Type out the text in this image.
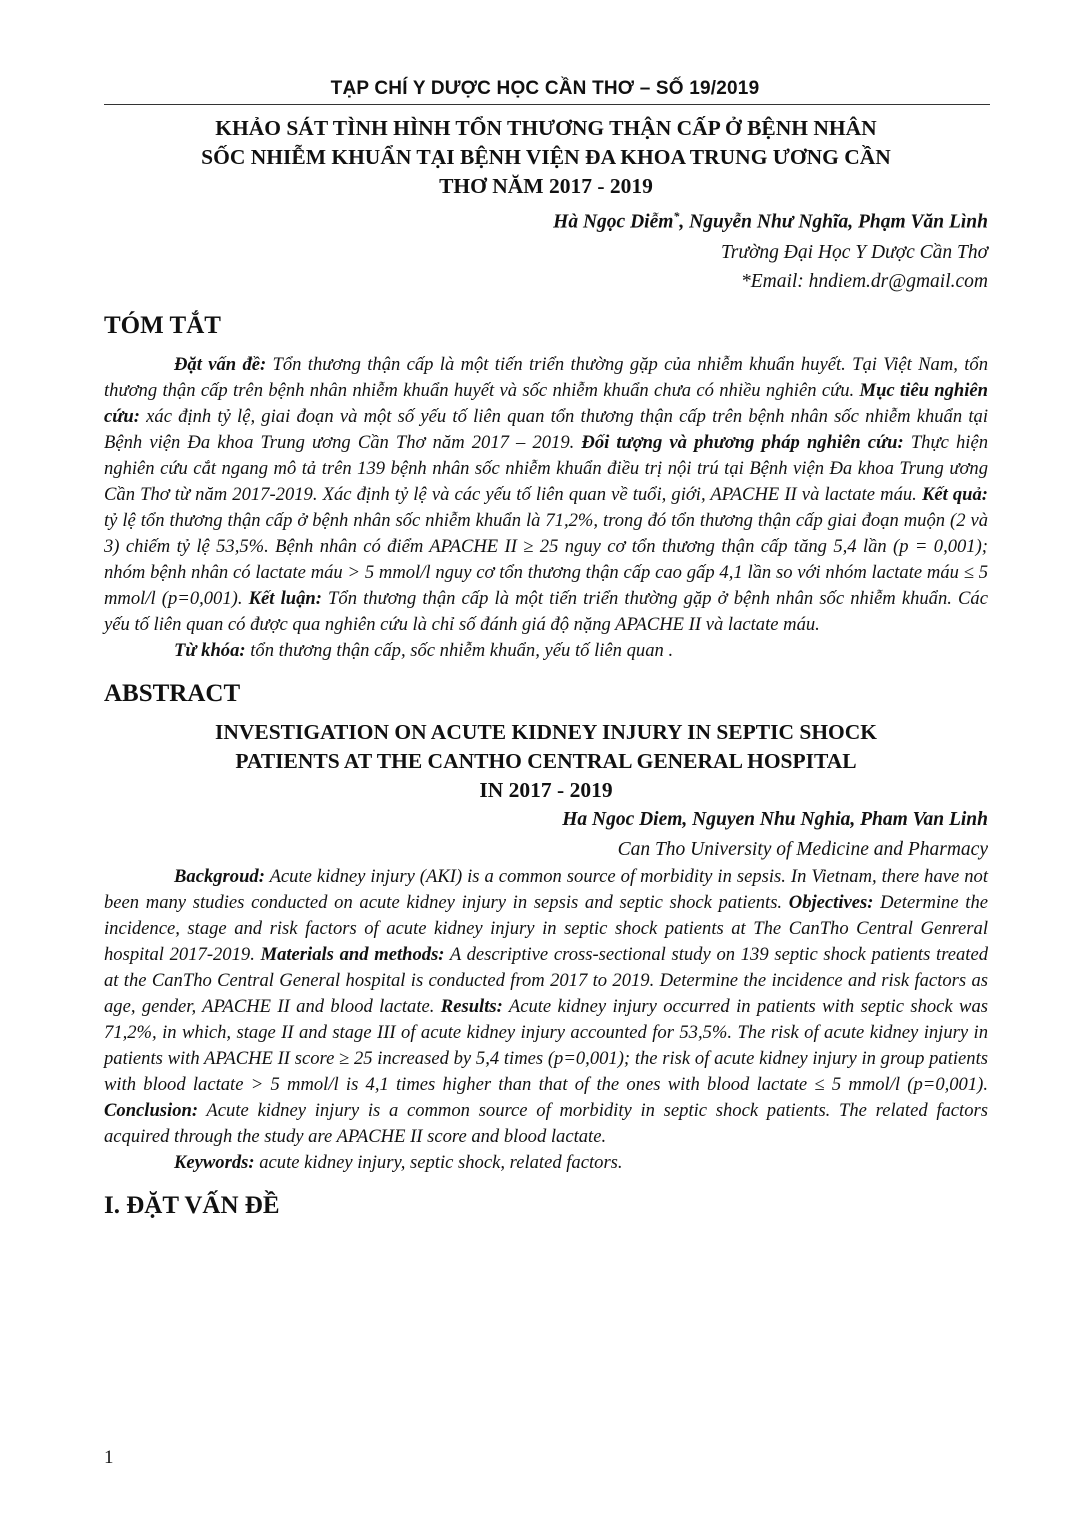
TẠP CHÍ Y DƯỢC HỌC CẦN THƠ – SỐ 19/2019
KHẢO SÁT TÌNH HÌNH TỔN THƯƠNG THẬN CẤP Ở BỆNH NHÂN
SỐC NHIỄM KHUẨN TẠI BỆNH VIỆN ĐA KHOA TRUNG ƯƠNG CẦN
THƠ NĂM 2017 - 2019

Hà Ngọc Diễm*, Nguyễn Như Nghĩa, Phạm Văn Lình

Trường Đại Học Y Dược Cần Thơ

*Email: hndiem.dr@gmail.com

TÓM TẮT

Đặt vấn đề: Tổn thương thận cấp là một tiến triển thường gặp của nhiễm khuẩn huyết. Tại Việt Nam, tổn thương thận cấp trên bệnh nhân nhiễm khuẩn huyết và sốc nhiễm khuẩn chưa có nhiều nghiên cứu. Mục tiêu nghiên cứu: xác định tỷ lệ, giai đoạn và một số yếu tố liên quan tổn thương thận cấp trên bệnh nhân sốc nhiễm khuẩn tại Bệnh viện Đa khoa Trung ương Cần Thơ năm 2017 – 2019. Đối tượng và phương pháp nghiên cứu: Thực hiện nghiên cứu cắt ngang mô tả trên 139 bệnh nhân sốc nhiễm khuẩn điều trị nội trú tại Bệnh viện Đa khoa Trung ương Cần Thơ từ năm 2017-2019. Xác định tỷ lệ và các yếu tố liên quan về tuổi, giới, APACHE II và lactate máu. Kết quả: tỷ lệ tổn thương thận cấp ở bệnh nhân sốc nhiễm khuẩn là 71,2%, trong đó tổn thương thận cấp giai đoạn muộn (2 và 3) chiếm tỷ lệ 53,5%. Bệnh nhân có điểm APACHE II ≥ 25 nguy cơ tổn thương thận cấp tăng 5,4 lần (p = 0,001); nhóm bệnh nhân có lactate máu > 5 mmol/l nguy cơ tổn thương thận cấp cao gấp 4,1 lần so với nhóm lactate máu ≤ 5 mmol/l (p=0,001). Kết luận: Tổn thương thận cấp là một tiến triển thường gặp ở bệnh nhân sốc nhiễm khuẩn. Các yếu tố liên quan có được qua nghiên cứu là chỉ số đánh giá độ nặng APACHE II và lactate máu.

Từ khóa: tổn thương thận cấp, sốc nhiễm khuẩn, yếu tố liên quan .

ABSTRACT
INVESTIGATION ON ACUTE KIDNEY INJURY IN SEPTIC SHOCK
PATIENTS AT THE CANTHO CENTRAL GENERAL HOSPITAL
IN 2017 - 2019

Ha Ngoc Diem, Nguyen Nhu Nghia, Pham Van Linh

Can Tho University of Medicine and Pharmacy

Backgroud: Acute kidney injury (AKI) is a common source of morbidity in sepsis. In Vietnam, there have not been many studies conducted on acute kidney injury in sepsis and septic shock patients. Objectives: Determine the incidence, stage and risk factors of acute kidney injury in septic shock patients at The CanTho Central Genreral hospital 2017-2019. Materials and methods: A descriptive cross-sectional study on 139 septic shock patients treated at the CanTho Central General hospital is conducted from 2017 to 2019. Determine the incidence and risk factors as age, gender, APACHE II and blood lactate. Results: Acute kidney injury occurred in patients with septic shock was 71,2%, in which, stage II and stage III of acute kidney injury accounted for 53,5%. The risk of acute kidney injury in patients with APACHE II score ≥ 25 increased by 5,4 times (p=0,001); the risk of acute kidney injury in group patients with blood lactate > 5 mmol/l is 4,1 times higher than that of the ones with blood lactate ≤ 5 mmol/l (p=0,001). Conclusion: Acute kidney injury is a common source of morbidity in septic shock patients. The related factors acquired through the study are APACHE II score and blood lactate.

Keywords: acute kidney injury, septic shock, related factors.

I. ĐẶT VẤN ĐỀ
1
